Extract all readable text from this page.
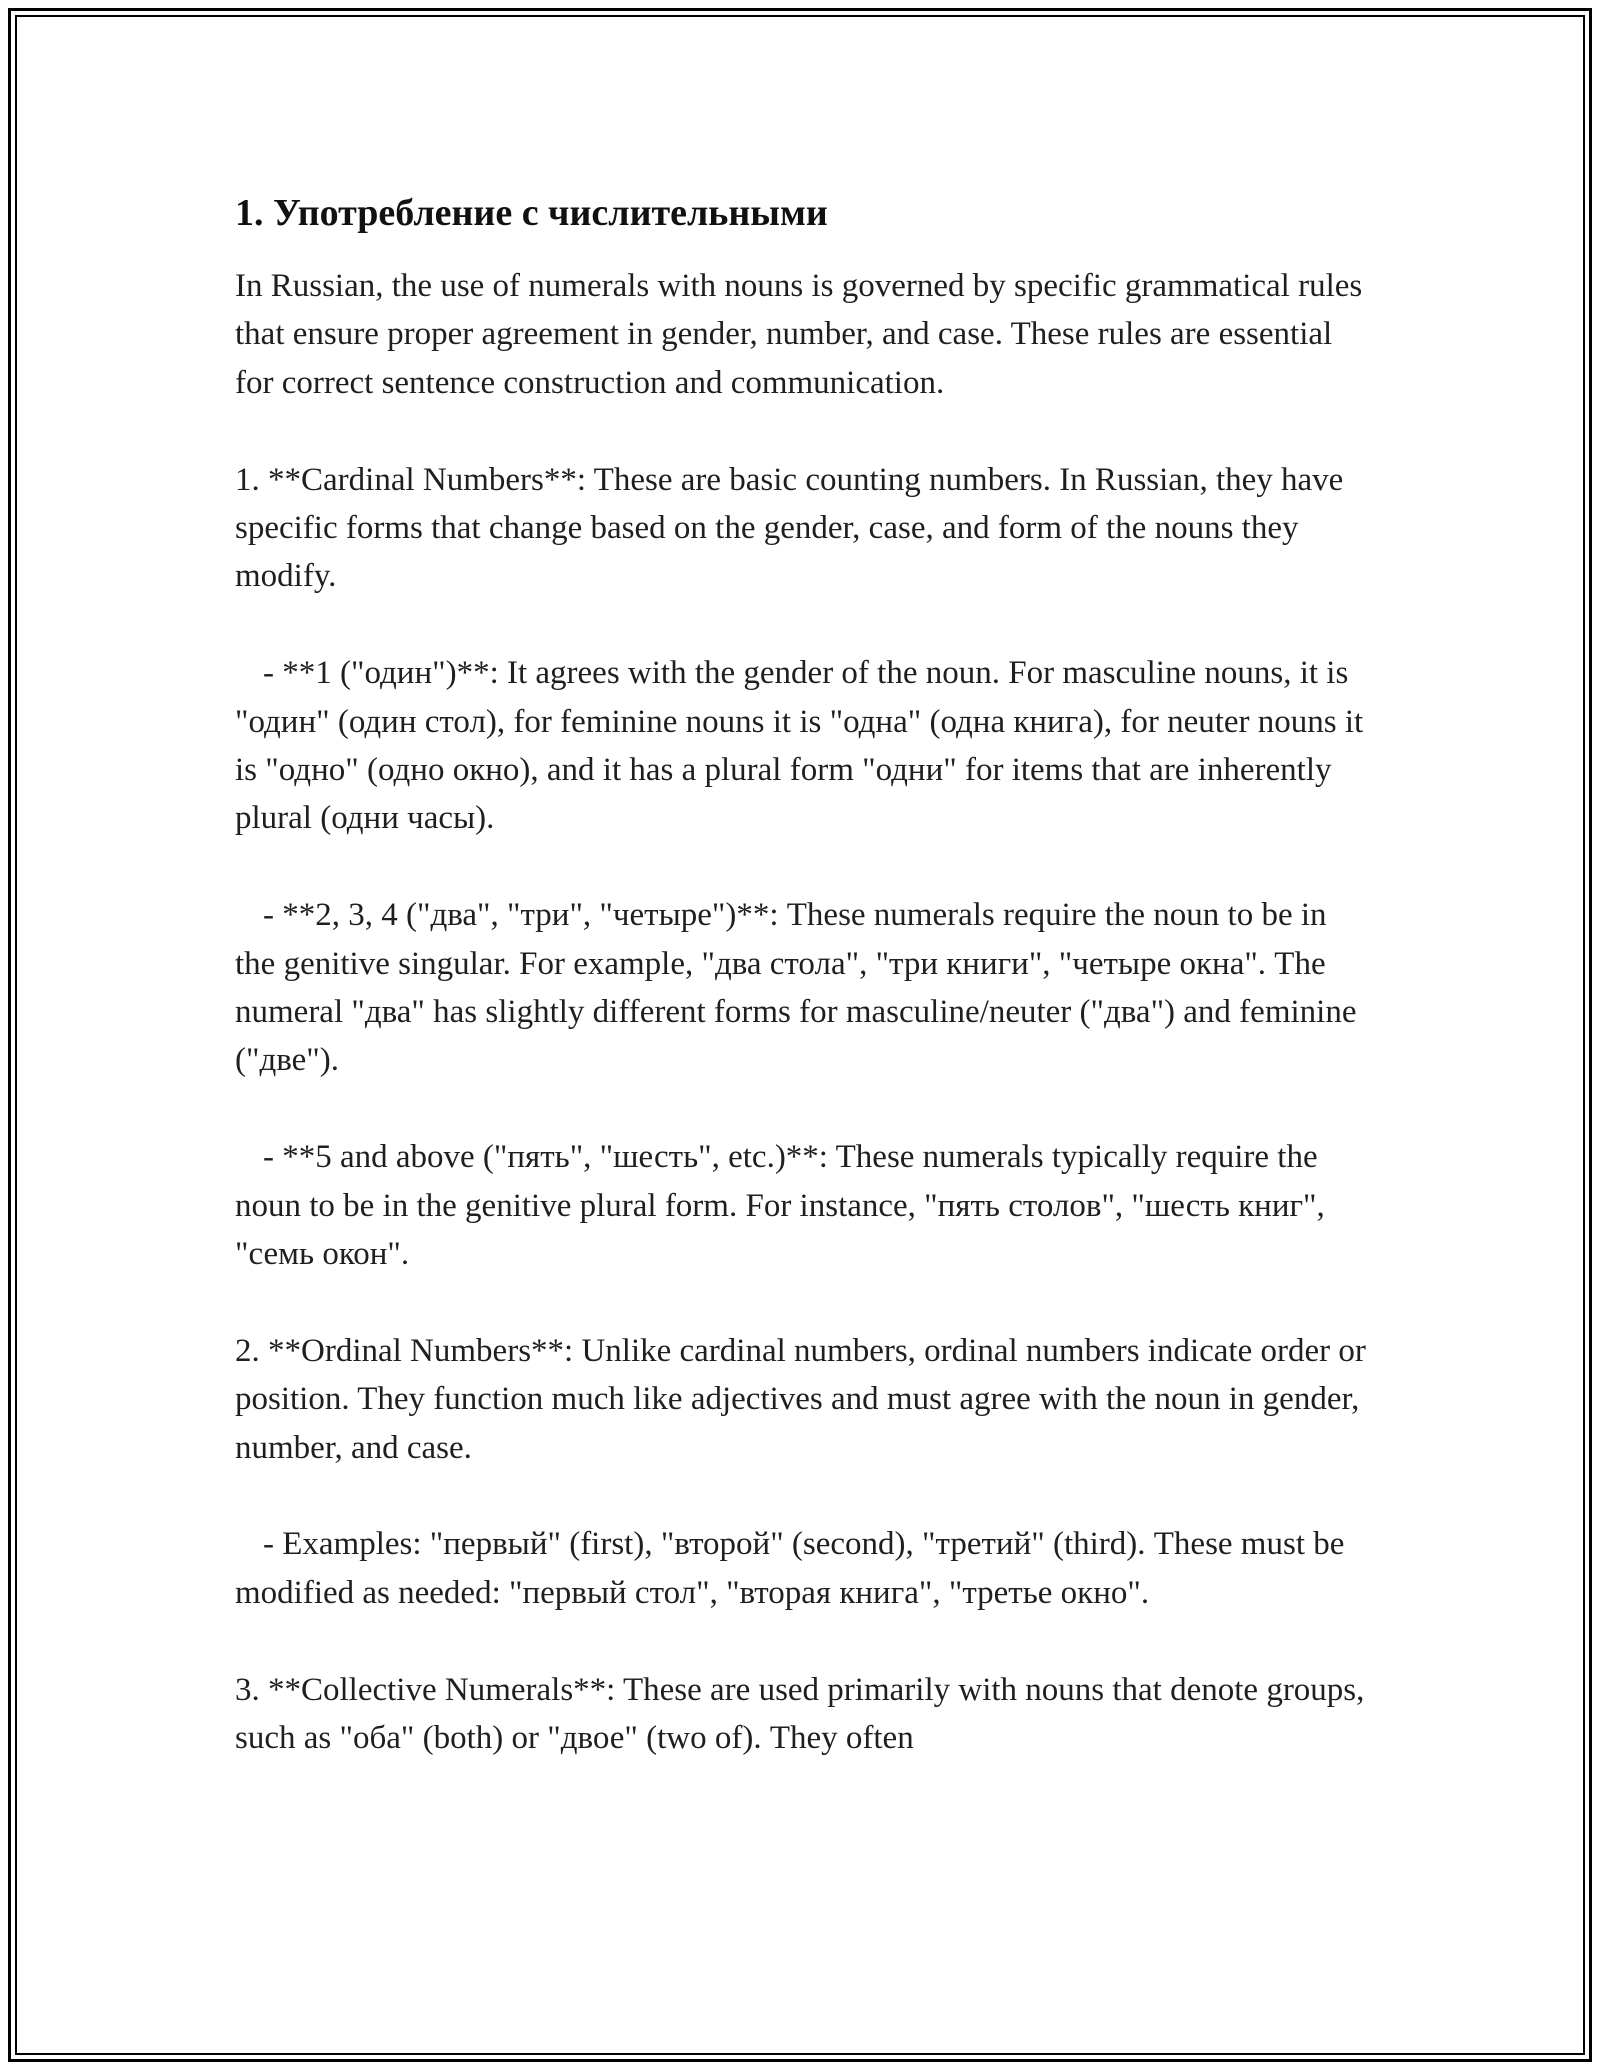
1. Употребление с числительными

In Russian, the use of numerals with nouns is governed by specific grammatical rules that ensure proper agreement in gender, number, and case. These rules are essential for correct sentence construction and communication.

1. **Cardinal Numbers**: These are basic counting numbers. In Russian, they have specific forms that change based on the gender, case, and form of the nouns they modify.

- **1 ("один")**: It agrees with the gender of the noun. For masculine nouns, it is "один" (один стол), for feminine nouns it is "одна" (одна книга), for neuter nouns it is "одно" (одно окно), and it has a plural form "одни" for items that are inherently plural (одни часы).

- **2, 3, 4 ("два", "три", "четыре")**: These numerals require the noun to be in the genitive singular. For example, "два стола", "три книги", "четыре окна". The numeral "два" has slightly different forms for masculine/neuter ("два") and feminine ("две").

- **5 and above ("пять", "шесть", etc.)**: These numerals typically require the noun to be in the genitive plural form. For instance, "пять столов", "шесть книг", "семь окон".

2. **Ordinal Numbers**: Unlike cardinal numbers, ordinal numbers indicate order or position. They function much like adjectives and must agree with the noun in gender, number, and case.

- Examples: "первый" (first), "второй" (second), "третий" (third). These must be modified as needed: "первый стол", "вторая книга", "третье окно".

3. **Collective Numerals**: These are used primarily with nouns that denote groups, such as "оба" (both) or "двое" (two of). They often
